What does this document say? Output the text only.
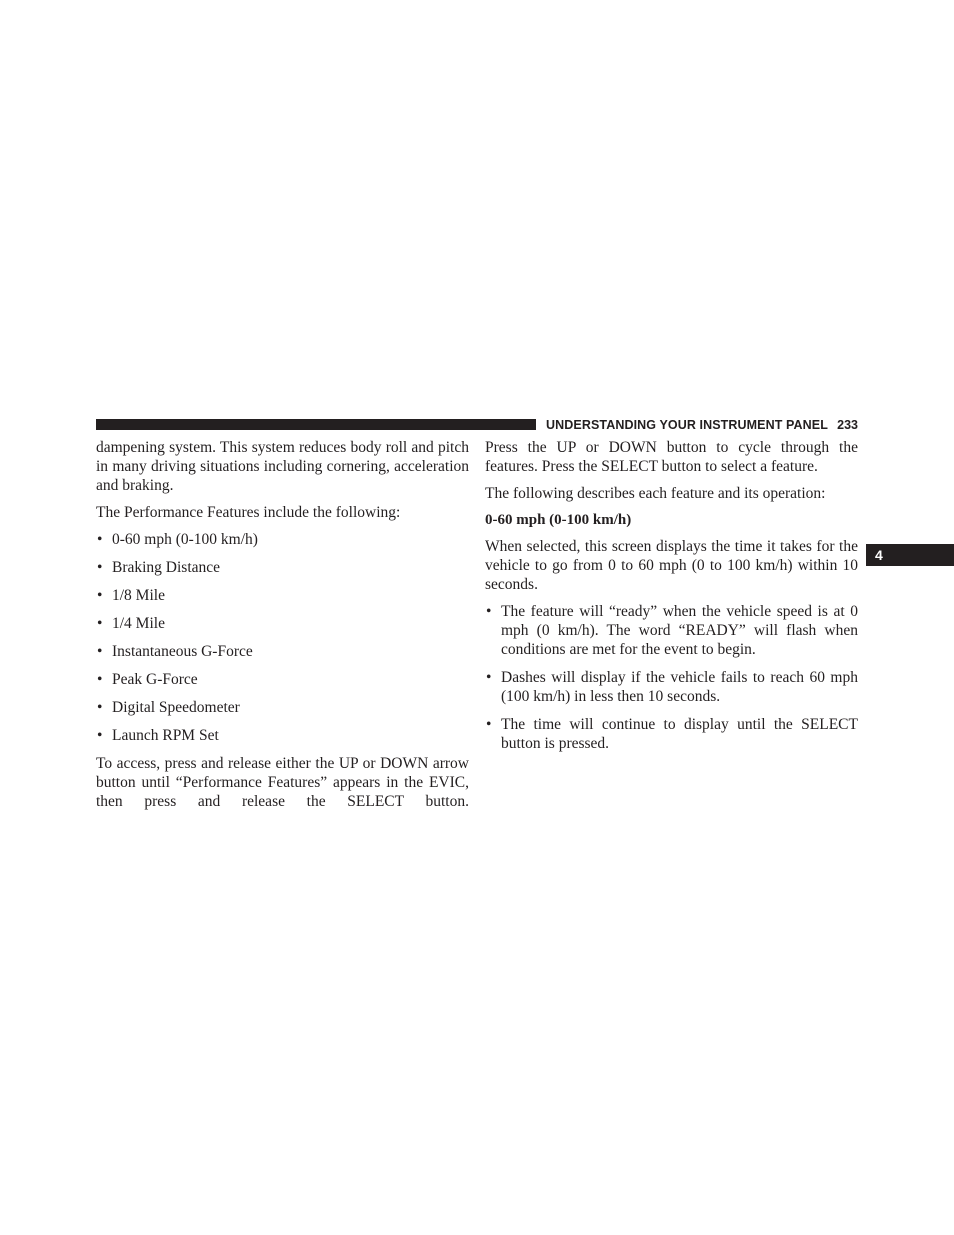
UNDERSTANDING YOUR INSTRUMENT PANEL 233
4

dampening system. This system reduces body roll and pitch in many driving situations including cornering, acceleration and braking.

The Performance Features include the following:

• 0-60 mph (0-100 km/h)
• Braking Distance
• 1/8 Mile
• 1/4 Mile
• Instantaneous G-Force
• Peak G-Force
• Digital Speedometer
• Launch RPM Set

To access, press and release either the UP or DOWN arrow button until “Performance Features” appears in the EVIC, then press and release the SELECT button.

Press the UP or DOWN button to cycle through the features. Press the SELECT button to select a feature.

The following describes each feature and its operation:

0-60 mph (0-100 km/h)

When selected, this screen displays the time it takes for the vehicle to go from 0 to 60 mph (0 to 100 km/h) within 10 seconds.

• The feature will “ready” when the vehicle speed is at 0 mph (0 km/h). The word “READY” will flash when conditions are met for the event to begin.
• Dashes will display if the vehicle fails to reach 60 mph (100 km/h) in less then 10 seconds.
• The time will continue to display until the SELECT button is pressed.
